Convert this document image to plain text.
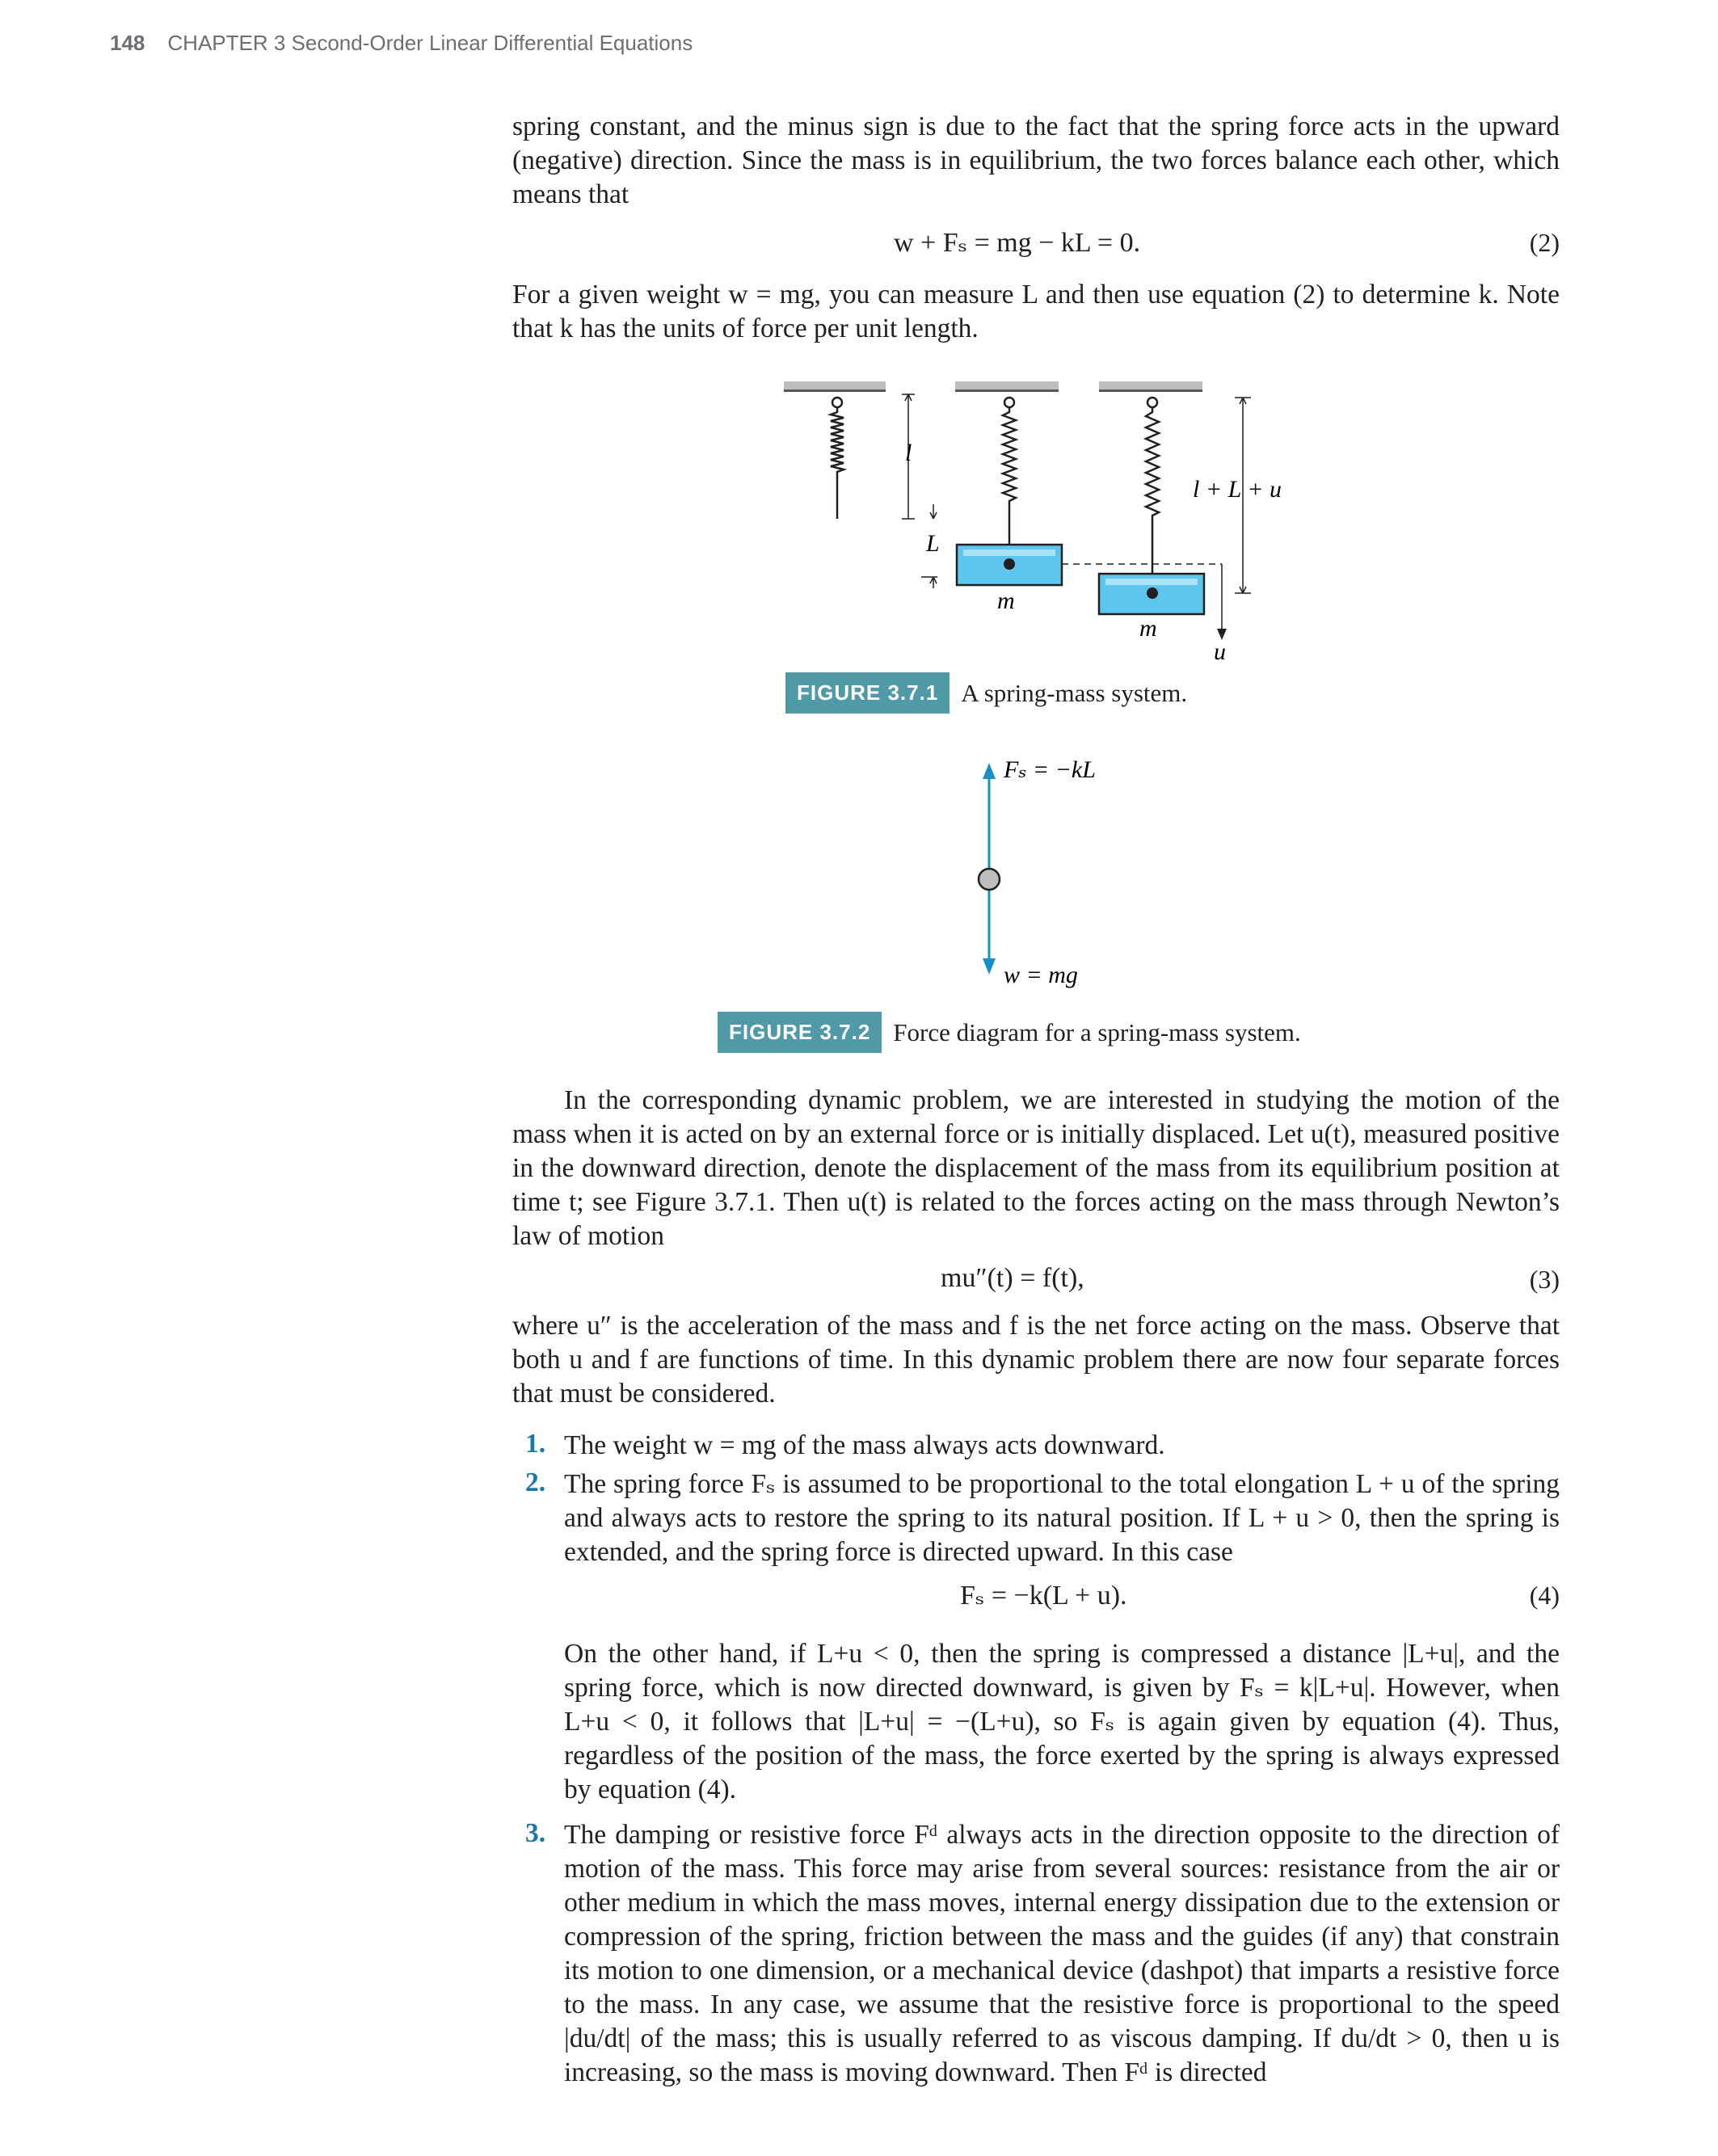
148 CHAPTER 3 Second-Order Linear Differential Equations

spring constant, and the minus sign is due to the fact that the spring force acts in the upward (negative) direction. Since the mass is in equilibrium, the two forces balance each other, which means that

w + Fₛ = mg − kL = 0.	(2)

For a given weight w = mg, you can measure L and then use equation (2) to determine k. Note that k has the units of force per unit length.

l
L
m
m
l + L + u
u
FIGURE 3.7.1 A spring-mass system.
Fₛ = −kL
w = mg
FIGURE 3.7.2 Force diagram for a spring-mass system.

In the corresponding dynamic problem, we are interested in studying the motion of the mass when it is acted on by an external force or is initially displaced. Let u(t), measured positive in the downward direction, denote the displacement of the mass from its equilibrium position at time t; see Figure 3.7.1. Then u(t) is related to the forces acting on the mass through Newton’s law of motion

mu″(t) = f(t),	(3)

where u″ is the acceleration of the mass and f is the net force acting on the mass. Observe that both u and f are functions of time. In this dynamic problem there are now four separate forces that must be considered.

1. The weight w = mg of the mass always acts downward.

2. The spring force Fₛ is assumed to be proportional to the total elongation L + u of the spring and always acts to restore the spring to its natural position. If L + u > 0, then the spring is extended, and the spring force is directed upward. In this case

Fₛ = −k(L + u).	(4)

On the other hand, if L+u < 0, then the spring is compressed a distance |L+u|, and the spring force, which is now directed downward, is given by Fₛ = k|L+u|. However, when L+u < 0, it follows that |L+u| = −(L+u), so Fₛ is again given by equation (4). Thus, regardless of the position of the mass, the force exerted by the spring is always expressed by equation (4).

3. The damping or resistive force Fᵈ always acts in the direction opposite to the direction of motion of the mass. This force may arise from several sources: resistance from the air or other medium in which the mass moves, internal energy dissipation due to the extension or compression of the spring, friction between the mass and the guides (if any) that constrain its motion to one dimension, or a mechanical device (dashpot) that imparts a resistive force to the mass. In any case, we assume that the resistive force is proportional to the speed |du/dt| of the mass; this is usually referred to as viscous damping. If du/dt > 0, then u is increasing, so the mass is moving downward. Then Fᵈ is directed
